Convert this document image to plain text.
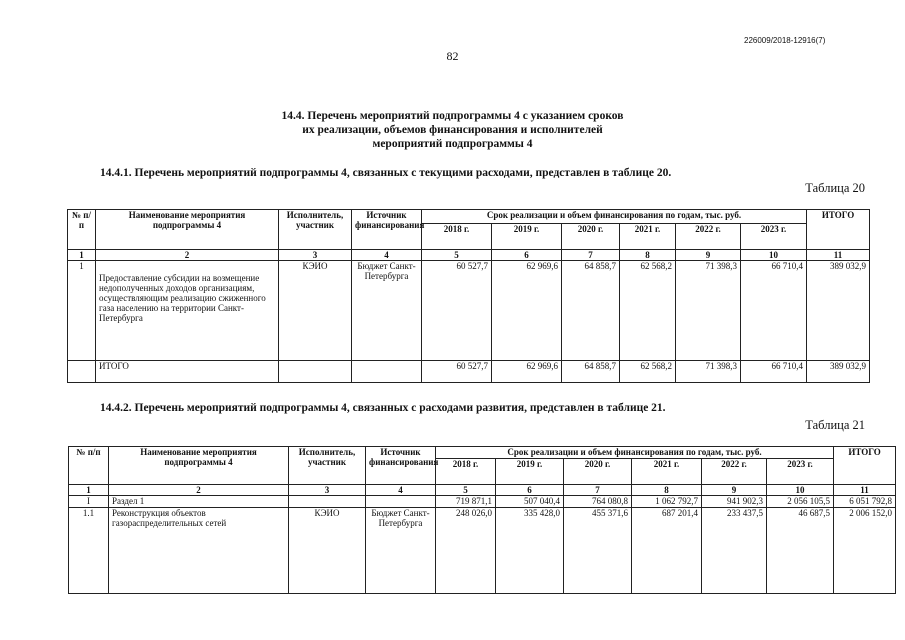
226009/2018-12916(7)
82
14.4. Перечень мероприятий подпрограммы 4 с указанием сроков
их реализации, объемов финансирования и исполнителей
мероприятий подпрограммы 4
14.4.1. Перечень мероприятий подпрограммы 4, связанных с текущими расходами, представлен в таблице 20.
Таблица 20
№ п/п	Наименование мероприятия подпрограммы 4	Исполнитель, участник	Источник финансирования	Срок реализации и объем финансирования по годам, тыс. руб.						ИТОГО
				2018 г.	2019 г.	2020 г.	2021 г.	2022 г.	2023 г.	
1	2	3	4	5	6	7	8	9	10	11
1	Предоставление субсидии на возмещение недополученных доходов организациям, осуществляющим реализацию сжиженного газа населению на территории Санкт-Петербурга	КЭИО	Бюджет Санкт-Петербурга	60 527,7	62 969,6	64 858,7	62 568,2	71 398,3	66 710,4	389 032,9
	ИТОГО			60 527,7	62 969,6	64 858,7	62 568,2	71 398,3	66 710,4	389 032,9
14.4.2. Перечень мероприятий подпрограммы 4, связанных с расходами развития, представлен в таблице 21.
Таблица 21
№ п/п	Наименование мероприятия подпрограммы 4	Исполнитель, участник	Источник финансирования	Срок реализации и объем финансирования по годам, тыс. руб.						ИТОГО
				2018 г.	2019 г.	2020 г.	2021 г.	2022 г.	2023 г.	
1	2	3	4	5	6	7	8	9	10	11
I	Раздел 1			719 871,1	507 040,4	764 080,8	1 062 792,7	941 902,3	2 056 105,5	6 051 792,8
1.1	Реконструкция объектов газораспределительных сетей	КЭИО	Бюджет Санкт-Петербурга	248 026,0	335 428,0	455 371,6	687 201,4	233 437,5	46 687,5	2 006 152,0
